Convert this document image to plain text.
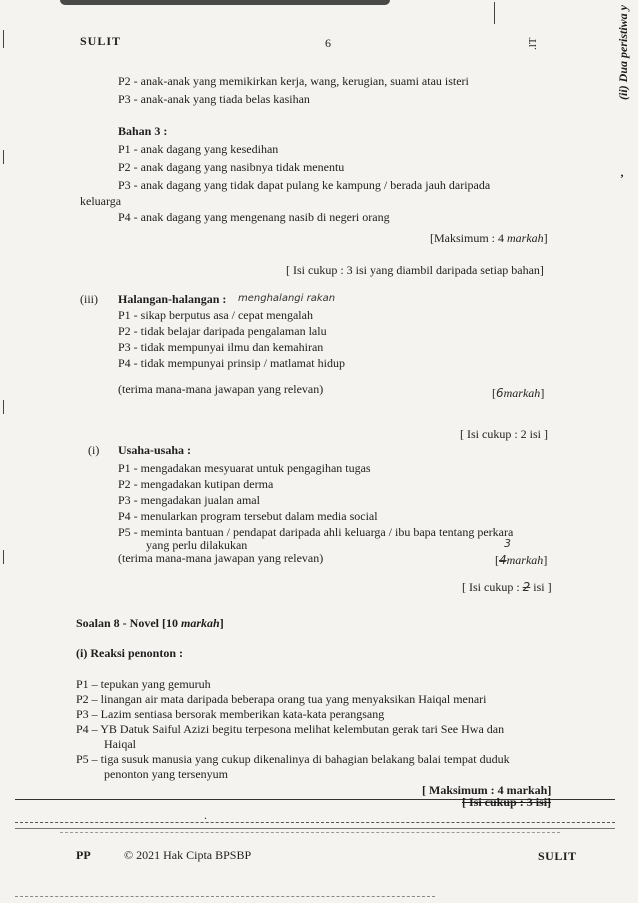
SULIT	6	.lT
(ii) Dua peristiwa y
‚
P2 - anak-anak yang memikirkan kerja, wang, kerugian, suami atau isteri
P3 - anak-anak yang tiada belas kasihan
Bahan 3 :
P1 - anak dagang yang kesedihan
P2 - anak dagang yang nasibnya tidak menentu
P3 - anak dagang yang tidak dapat pulang ke kampung / berada jauh daripada
keluarga
P4 - anak dagang yang mengenang nasib di negeri orang
[Maksimum : 4 markah]
[ Isi cukup : 3 isi yang diambil daripada setiap bahan]
(iii) Halangan-halangan : menghalangi rakan
P1 - sikap berputus asa / cepat mengalah
P2 - tidak belajar daripada pengalaman lalu
P3 - tidak mempunyai ilmu dan kemahiran
P4 - tidak mempunyai prinsip / matlamat hidup
(terima mana-mana jawapan yang relevan)	[6markah]
[ Isi cukup : 2 isi ]
(i) Usaha-usaha :
P1 - mengadakan mesyuarat untuk pengagihan tugas
P2 - mengadakan kutipan derma
P3 - mengadakan jualan amal
P4 - menularkan program tersebut dalam media social
P5 - meminta bantuan / pendapat daripada ahli keluarga / ibu bapa tentang perkara
yang perlu dilakukan
(terima mana-mana jawapan yang relevan)
3
[4markah]
[ Isi cukup : 2 isi ]
Soalan 8 - Novel [10 markah]
(i) Reaksi penonton :
P1 – tepukan yang gemuruh
P2 – linangan air mata daripada beberapa orang tua yang menyaksikan Haiqal menari
P3 – Lazim sentiasa bersorak memberikan kata-kata perangsang
P4 – YB Datuk Saiful Azizi begitu terpesona melihat kelembutan gerak tari See Hwa dan
Haiqal
P5 – tiga susuk manusia yang cukup dikenalinya di bahagian belakang balai tempat duduk
penonton yang tersenyum
[ Maksimum : 4 markah]
[ Isi cukup : 3 isi]
.
PP	© 2021 Hak Cipta BPSBP	SULIT
